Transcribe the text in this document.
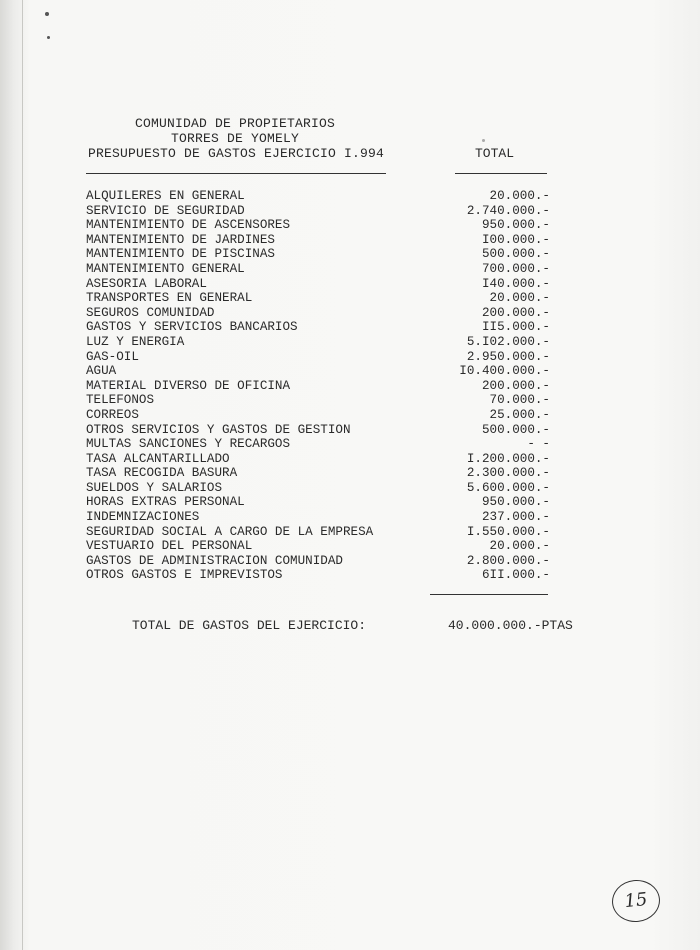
COMUNIDAD DE PROPIETARIOS
TORRES DE YOMELY
PRESUPUESTO DE GASTOS EJERCICIO I.994	TOTAL
ALQUILERES EN GENERAL
SERVICIO DE SEGURIDAD
MANTENIMIENTO DE ASCENSORES
MANTENIMIENTO DE JARDINES
MANTENIMIENTO DE PISCINAS
MANTENIMIENTO GENERAL
ASESORIA LABORAL
TRANSPORTES EN GENERAL
SEGUROS COMUNIDAD
GASTOS Y SERVICIOS BANCARIOS
LUZ Y ENERGIA
GAS-OIL
AGUA
MATERIAL DIVERSO DE OFICINA
TELEFONOS
CORREOS
OTROS SERVICIOS Y GASTOS DE GESTION
MULTAS SANCIONES Y RECARGOS
TASA ALCANTARILLADO
TASA RECOGIDA BASURA
SUELDOS Y SALARIOS
HORAS EXTRAS PERSONAL
INDEMNIZACIONES
SEGURIDAD SOCIAL A CARGO DE LA EMPRESA
VESTUARIO DEL PERSONAL
GASTOS DE ADMINISTRACION COMUNIDAD
OTROS GASTOS E IMPREVISTOS
20.000.-
2.740.000.-
950.000.-
I00.000.-
500.000.-
700.000.-
I40.000.-
20.000.-
200.000.-
II5.000.-
5.I02.000.-
2.950.000.-
I0.400.000.-
200.000.-
70.000.-
25.000.-
500.000.-
- -
I.200.000.-
2.300.000.-
5.600.000.-
950.000.-
237.000.-
I.550.000.-
20.000.-
2.800.000.-
6II.000.-
TOTAL DE GASTOS DEL EJERCICIO:	40.000.000.-PTAS
15
